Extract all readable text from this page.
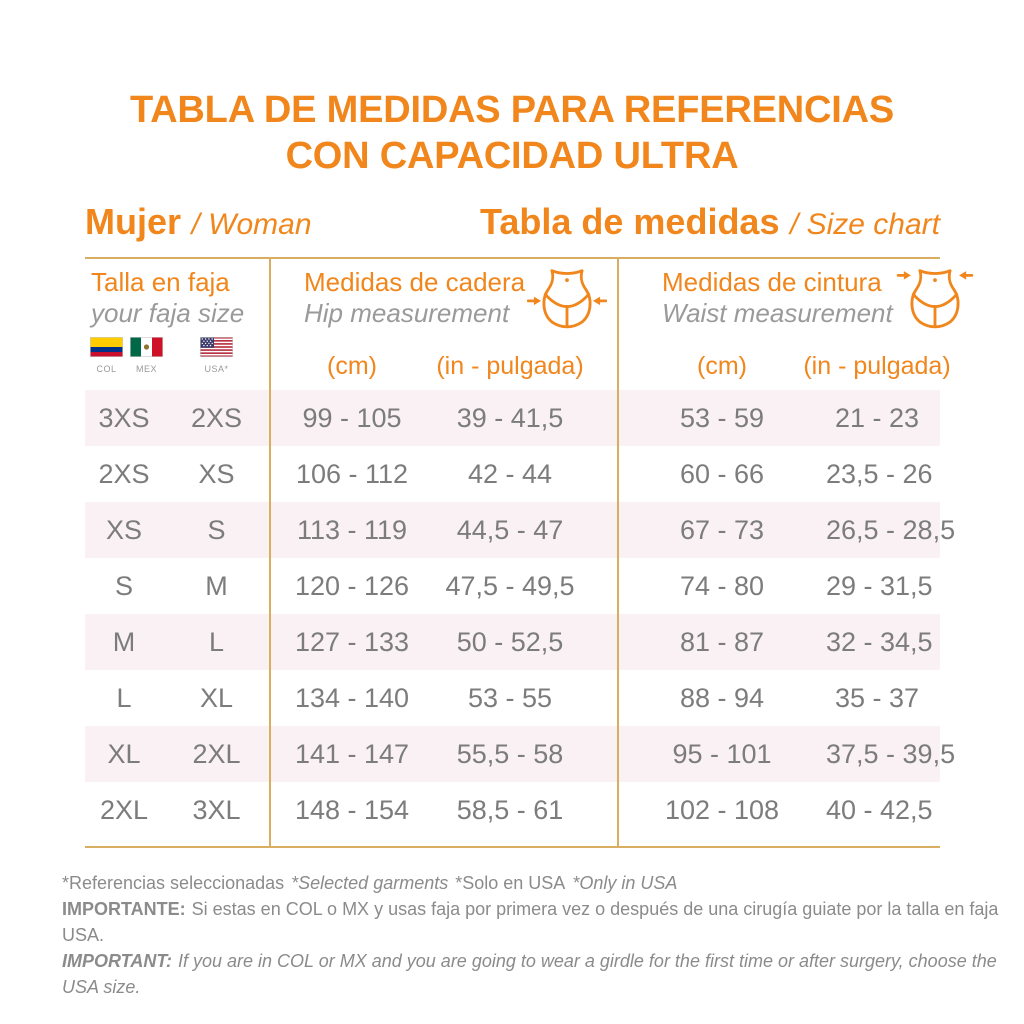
TABLA DE MEDIDAS PARA REFERENCIAS
CON CAPACIDAD ULTRA
Mujer / Woman	Tabla de medidas / Size chart
Talla en faja
your faja size
Medidas de cadera
Hip measurement
Medidas de cintura
Waist measurement
COL	MEX	USA*	(cm)	(in - pulgada)	(cm)	(in - pulgada)
3XS	2XS	99 - 105	39 - 41,5	53 - 59	21 - 23
2XS	XS	106 - 112	42 - 44	60 - 66	23,5 - 26
XS	S	113 - 119	44,5 - 47	67 - 73	26,5 - 28,5
S	M	120 - 126	47,5 - 49,5	74 - 80	29 - 31,5
M	L	127 - 133	50 - 52,5	81 - 87	32 - 34,5
L	XL	134 - 140	53 - 55	88 - 94	35 - 37
XL	2XL	141 - 147	55,5 - 58	95 - 101	37,5 - 39,5
2XL	3XL	148 - 154	58,5 - 61	102 - 108	40 - 42,5
*Referencias seleccionadas *Selected garments *Solo en USA *Only in USA
IMPORTANTE: Si estas en COL o MX y usas faja por primera vez o después de una cirugía guiate por la talla en faja USA.
IMPORTANT: If you are in COL or MX and you are going to wear a girdle for the first time or after surgery, choose the USA size.
